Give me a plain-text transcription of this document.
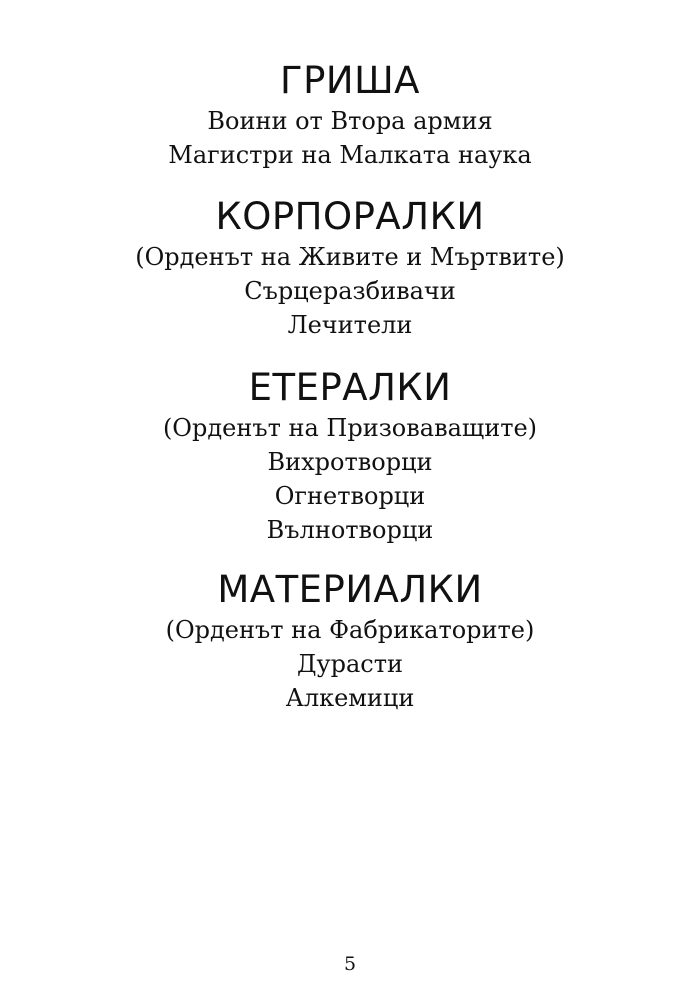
ГРИША
Воини от Втора армия
Магистри на Малката наука
КОРПОРАЛКИ
(Орденът на Живите и Мъртвите)
Сърцеразбивачи
Лечители
ЕТЕРАЛКИ
(Орденът на Призоваващите)
Вихротворци
Огнетворци
Вълнотворци
МАТЕРИАЛКИ
(Орденът на Фабрикаторите)
Дурасти
Алкемици
5
